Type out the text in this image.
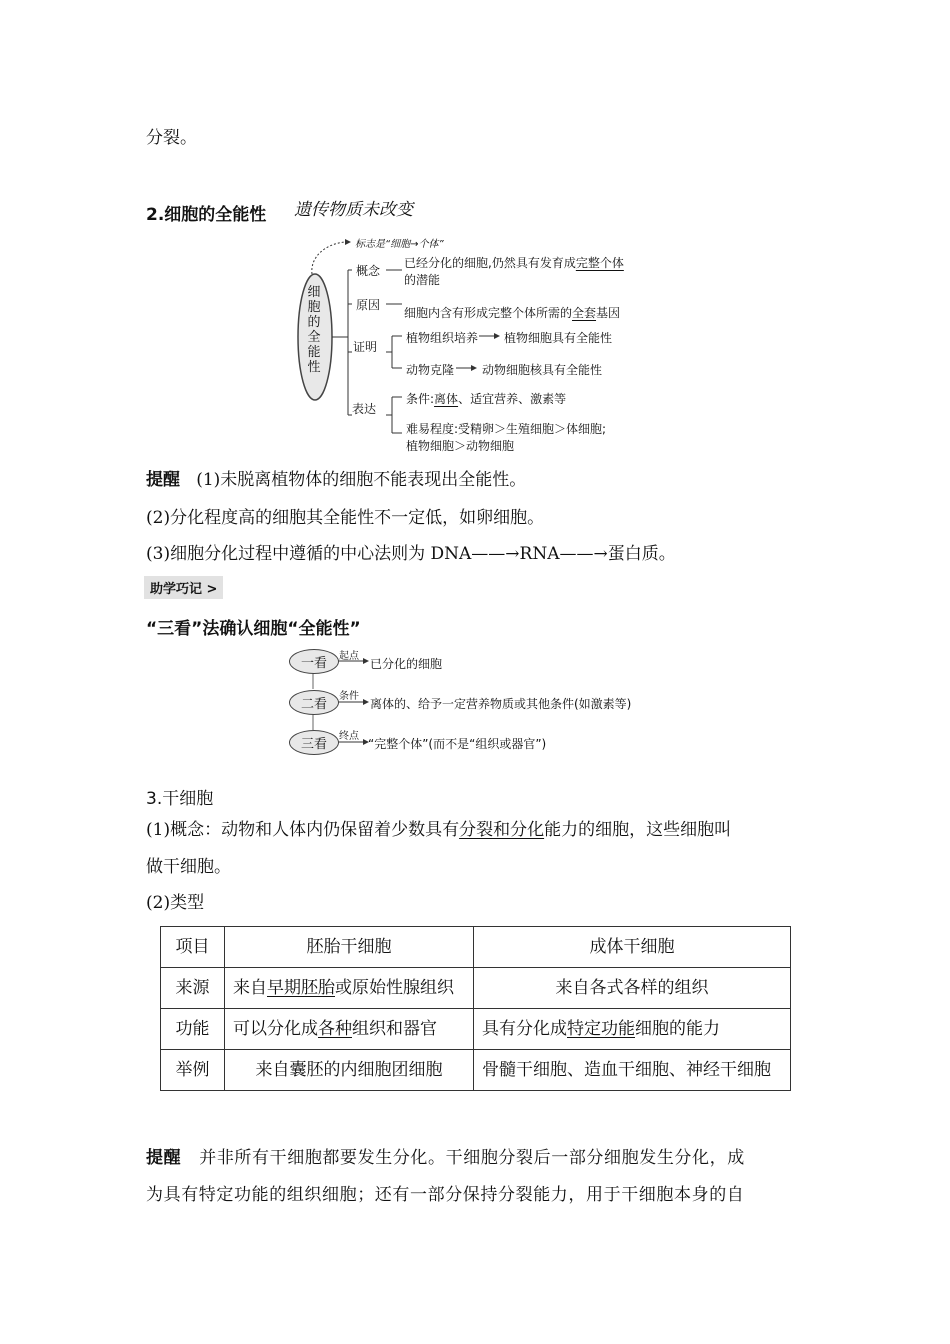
分裂。
2.细胞的全能性 遗传物质未改变
细胞的全能性
标志是“细胞→个体”
概念
已经分化的细胞,仍然具有发育成完整个体
的潜能
原因
细胞内含有形成完整个体所需的全套基因
证明
植物组织培养 植物细胞具有全能性
动物克隆 动物细胞核具有全能性
表达
条件:离体、适宜营养、激素等
难易程度:受精卵＞生殖细胞＞体细胞;
植物细胞＞动物细胞
提醒 (1)未脱离植物体的细胞不能表现出全能性。
(2)分化程度高的细胞其全能性不一定低，如卵细胞。
(3)细胞分化过程中遵循的中心法则为 DNA——→RNA——→蛋白质。
助学巧记 >
“三看”法确认细胞“全能性”
一看	起点
已分化的细胞
二看
条件
离体的、给予一定营养物质或其他条件(如激素等)
三看
终点
“完整个体”(而不是“组织或器官”)
3.干细胞
(1)概念：动物和人体内仍保留着少数具有分裂和分化能力的细胞，这些细胞叫
做干细胞。
(2)类型
项目	胚胎干细胞	成体干细胞
来源	来自早期胚胎或原始性腺组织	来自各式各样的组织
功能	可以分化成各种组织和器官	具有分化成特定功能细胞的能力
举例	来自囊胚的内细胞团细胞	骨髓干细胞、造血干细胞、神经干细胞
提醒 并非所有干细胞都要发生分化。干细胞分裂后一部分细胞发生分化，成
为具有特定功能的组织细胞；还有一部分保持分裂能力，用于干细胞本身的自
